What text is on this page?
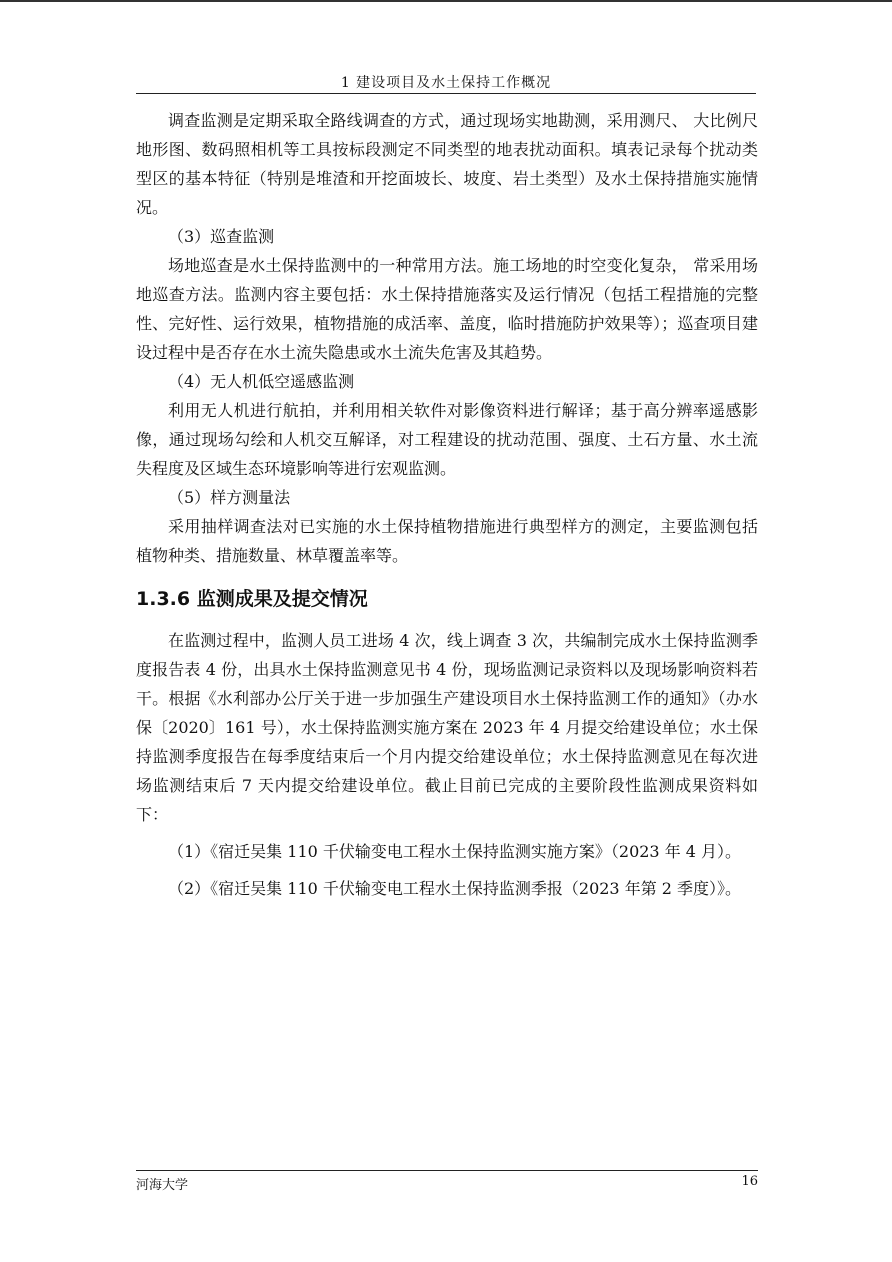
1 建设项目及水土保持工作概况

调查监测是定期采取全路线调查的方式，通过现场实地勘测，采用测尺、 大比例尺地形图、数码照相机等工具按标段测定不同类型的地表扰动面积。填表记录每个扰动类型区的基本特征（特别是堆渣和开挖面坡长、坡度、岩土类型）及水土保持措施实施情况。

（3）巡查监测

场地巡查是水土保持监测中的一种常用方法。施工场地的时空变化复杂， 常采用场地巡查方法。监测内容主要包括：水土保持措施落实及运行情况（包括工程措施的完整性、完好性、运行效果，植物措施的成活率、盖度，临时措施防护效果等）；巡查项目建设过程中是否存在水土流失隐患或水土流失危害及其趋势。

（4）无人机低空遥感监测

利用无人机进行航拍，并利用相关软件对影像资料进行解译；基于高分辨率遥感影像，通过现场勾绘和人机交互解译，对工程建设的扰动范围、强度、土石方量、水土流失程度及区域生态环境影响等进行宏观监测。

（5）样方测量法

采用抽样调查法对已实施的水土保持植物措施进行典型样方的测定，主要监测包括植物种类、措施数量、林草覆盖率等。

1.3.6 监测成果及提交情况

在监测过程中，监测人员工进场 4 次，线上调查 3 次，共编制完成水土保持监测季度报告表 4 份，出具水土保持监测意见书 4 份，现场监测记录资料以及现场影响资料若干。根据《水利部办公厅关于进一步加强生产建设项目水土保持监测工作的通知》（办水保〔2020〕161 号），水土保持监测实施方案在 2023 年 4 月提交给建设单位；水土保持监测季度报告在每季度结束后一个月内提交给建设单位；水土保持监测意见在每次进场监测结束后 7 天内提交给建设单位。截止目前已完成的主要阶段性监测成果资料如下：

（1）《宿迁吴集 110 千伏输变电工程水土保持监测实施方案》（2023 年 4 月）。

（2）《宿迁吴集 110 千伏输变电工程水土保持监测季报（2023 年第 2 季度）》。

河海大学	16
